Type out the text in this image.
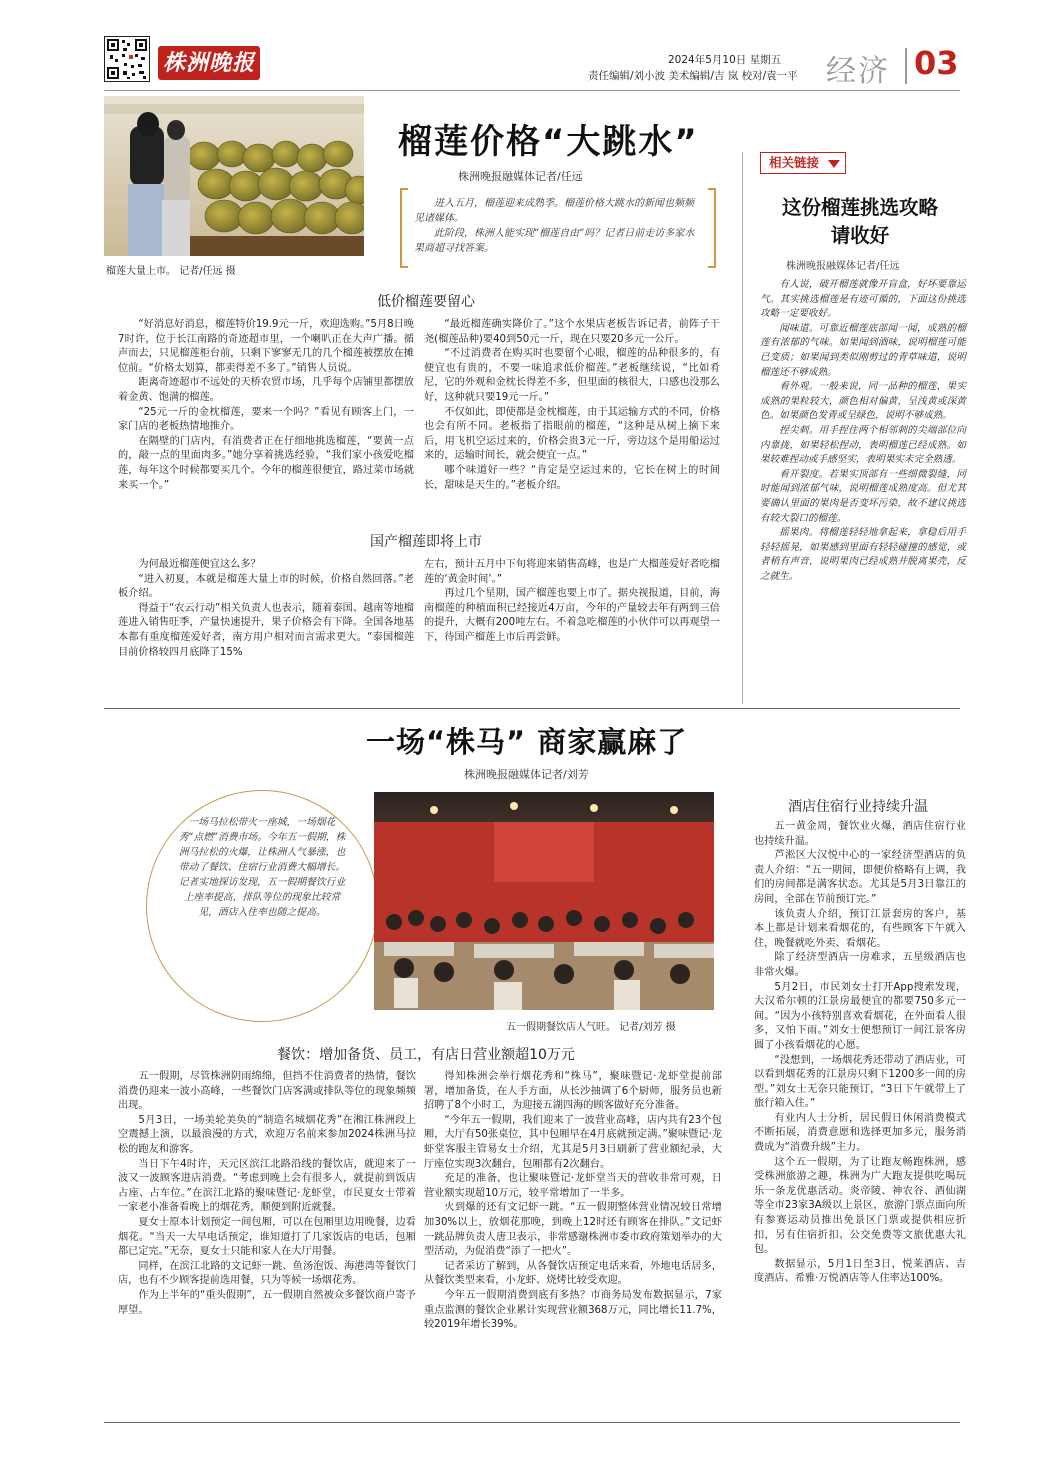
株洲晚报	2024年5月10日 星期五
责任编辑/刘小波 美术编辑/吉 岚 校对/袁一平 经济 03
榴莲大量上市。 记者/任远 摄
榴莲价格“大跳水”
株洲晚报融媒体记者/任远

进入五月，榴莲迎来成熟季。榴莲价格大跳水的新闻也频频见诸媒体。

此阶段，株洲人能实现“榴莲自由”吗？记者日前走访多家水果商超寻找答案。

低价榴莲要留心

“好消息好消息，榴莲特价19.9元一斤，欢迎选购。”5月8日晚7时许，位于长江南路的奇迹超市里，一个喇叭正在大声广播。循声而去，只见榴莲柜台前，只剩下寥寥无几的几个榴莲被摆放在摊位前。“价格太划算，都卖得差不多了。”销售人员说。

距离奇迹超市不远处的天桥农贸市场，几乎每个店铺里都摆放着金黄、饱满的榴莲。

“25元一斤的金枕榴莲，要来一个吗？”看见有顾客上门，一家门店的老板热情地推介。

在隔壁的门店内，有消费者正在仔细地挑选榴莲，“要黄一点的，敲一点的里面肉多。”她分享着挑选经验，“我们家小孩爱吃榴莲，每年这个时候都要买几个。今年的榴莲很便宜，路过菜市场就来买一个。”

“最近榴莲确实降价了。”这个水果店老板告诉记者，前阵子干尧(榴莲品种)要40到50元一斤，现在只要20多元一公斤。

“不过消费者在购买时也要留个心眼，榴莲的品种很多的，有便宜也有贵的，不要一味追求低价榴莲。”老板继续说，“比如肴尼，它的外观和金枕长得差不多，但里面的核很大，口感也没那么好，这种就只要19元一斤。”

不仅如此，即使都是金枕榴莲，由于其运输方式的不同，价格也会有所不同。老板指了指眼前的榴莲，“这种是从树上摘下来后，用飞机空运过来的，价格会贵3元一斤，旁边这个是用船运过来的，运输时间长，就会便宜一点。”

哪个味道好一些？“肯定是空运过来的，它长在树上的时间长，甜味是天生的。”老板介绍。

国产榴莲即将上市

为何最近榴莲便宜这么多？

“进入初夏，本就是榴莲大量上市的时候，价格自然回落。”老板介绍。

得益于“农云行动”相关负责人也表示，随着泰国、越南等地榴莲进入销售旺季，产量快速提升，果子价格会有下降。全国各地基本都有重度榴莲爱好者，南方用户相对而言需求更大。“泰国榴莲目前价格较四月底降了15%

左右，预计五月中下旬将迎来销售高峰，也是广大榴莲爱好者吃榴莲的‘黄金时间’。”

再过几个星期，国产榴莲也要上市了。据央视报道，目前，海南榴莲的种植面积已经接近4万亩，今年的产量较去年有两到三倍的提升，大概有200吨左右。不着急吃榴莲的小伙伴可以再观望一下，待国产榴莲上市后再尝鲜。

相关链接
这份榴莲挑选攻略
请收好
株洲晚报融媒体记者/任远

有人说，破开榴莲就像开盲盒，好坏要靠运气。其实挑选榴莲是有迹可循的，下面这份挑选攻略一定要收好。

闻味道。可靠近榴莲底部闻一闻，成熟的榴莲有浓郁的气味。如果闻到酒味，说明榴莲可能已变质；如果闻到类似刚剪过的青草味道，说明榴莲还不够成熟。

看外观。一般来说，同一品种的榴莲，果实成熟的果粒较大，颜色相对偏黄，呈浅黄或深黄色。如果颜色发青或呈绿色，说明不够成熟。

捏尖刺。用手捏住两个相邻刺的尖端部位向内靠拢，如果轻松捏动，表明榴莲已经成熟。如果较难捏动或手感坚实，表明果实未完全熟透。

看开裂度。若果实顶部有一些细微裂缝，同时能闻到浓郁气味，说明榴莲成熟度高。但尤其要确认里面的果肉是否变坏污染，故不建议挑选有较大裂口的榴莲。

摇果肉。将榴莲轻轻地拿起来，拿稳后用手轻轻摇晃，如果感到里面有轻轻碰撞的感觉，或者稍有声音，说明果肉已经成熟并脱离果壳，反之就生。

一场“株马” 商家赢麻了
株洲晚报融媒体记者/刘芳
一场马拉松带火一座城，一场烟花秀“点燃”消费市场。今年五一假期，株洲马拉松的火爆，让株洲人气暴涨，也带动了餐饮、住宿行业消费大幅增长。记者实地探访发现，五一假期餐饮行业上座率提高，排队等位的现象比较常见，酒店入住率也随之提高。
五一假期餐饮店人气旺。 记者/刘芳 摄
餐饮：增加备货、员工，有店日营业额超10万元

五一假期，尽管株洲阴雨绵绵，但挡不住消费者的热情，餐饮消费仍迎来一波小高峰，一些餐饮门店客满或排队等位的现象频频出现。

5月3日，一场美轮美奂的“制造名城烟花秀”在湘江株洲段上空震撼上演，以最浪漫的方式，欢迎万名前来参加2024株洲马拉松的跑友和游客。

当日下午4时许，天元区滨江北路沿线的餐饮店，就迎来了一波又一波顾客进店消费。“考虑到晚上会有很多人，就提前到饭店占座、占车位。”在滨江北路的聚味暨记·龙虾堂，市民夏女士带着一家老小准备看晚上的烟花秀，顺便到附近就餐。

夏女士原本计划预定一间包厢，可以在包厢里边用晚餐，边看烟花。“当天一大早电话预定，谁知道打了几家饭店的电话，包厢都已定完。”无奈，夏女士只能和家人在大厅用餐。

同样，在滨江北路的文记虾一跳、鱼汤泡饭、海港湾等餐饮门店，也有不少顾客提前选用餐，只为等候一场烟花秀。

作为上半年的“重头假期”，五一假期自然被众多餐饮商户寄予厚望。

得知株洲会举行烟花秀和“株马”，聚味暨记·龙虾堂提前部署，增加备货，在人手方面，从长沙抽调了6个厨师，服务员也新招聘了8个小时工，为迎接五湖四海的顾客做好充分准备。

“今年五一假期，我们迎来了一波营业高峰，店内共有23个包厢，大厅有50张桌位，其中包厢早在4月底就预定满。”聚味暨记·龙虾堂客服主管易女士介绍，尤其是5月3日刷新了营业额纪录，大厅座位实现3次翻台，包厢都有2次翻台。

充足的准备，也让聚味暨记·龙虾堂当天的营收非常可观，日营业额实现超10万元，较平常增加了一半多。

火到爆的还有文记虾一跳。“五一假期整体营业情况较日常增加30%以上，放烟花那晚，到晚上12时还有顾客在排队。”文记虾一跳品牌负责人唐卫表示，非常感谢株洲市委市政府策划举办的大型活动，为促消费“添了一把火”。

记者采访了解到，从各餐饮店预定电话来看，外地电话居多，从餐饮类型来看，小龙虾、烧烤比较受欢迎。

今年五一假期消费到底有多热？市商务局发布数据显示，7家重点监测的餐饮企业累计实现营业额368万元，同比增长11.7%，较2019年增长39%。

酒店住宿行业持续升温

五一黄金周，餐饮业火爆，酒店住宿行业也持续升温。

芦淞区大汉悦中心的一家经济型酒店的负责人介绍：“五一期间，即便价格略有上调，我们的房间都是满客状态。尤其是5月3日靠江的房间，全部在节前预订完。”

该负责人介绍，预订江景套房的客户，基本上都是计划来看烟花的，有些顾客下午就入住，晚餐就吃外卖、看烟花。

除了经济型酒店一房难求，五星级酒店也非常火爆。

5月2日，市民刘女士打开App搜索发现，大汉希尔顿的江景房最便宜的都要750多元一间。“因为小孩特别喜欢看烟花，在外面看人很多，又怕下雨。”刘女士便想预订一间江景客房圆了小孩看烟花的心愿。

“没想到，一场烟花秀还带动了酒店业，可以看到烟花秀的江景房只剩下1200多一间的房型。”刘女士无奈只能预订，“3日下午就带上了旅行箱入住。”

有业内人士分析，居民假日休闲消费模式不断拓展，消费意愿和选择更加多元，服务消费成为“消费升级”主力。

这个五一假期，为了让跑友畅跑株洲，感受株洲旅游之趣，株洲为广大跑友提供吃喝玩乐一条龙优惠活动。炎帝陵、神农谷、酒仙湖等全市23家3A级以上景区，旅游门票点面向所有参赛运动员推出免景区门票或提供相应折扣，另有住宿折扣、公交免费等文旅优惠大礼包。

数据显示，5月1日至3日，悦莱酒店、吉度酒店、希雅·万悦酒店等人住率达100%。
